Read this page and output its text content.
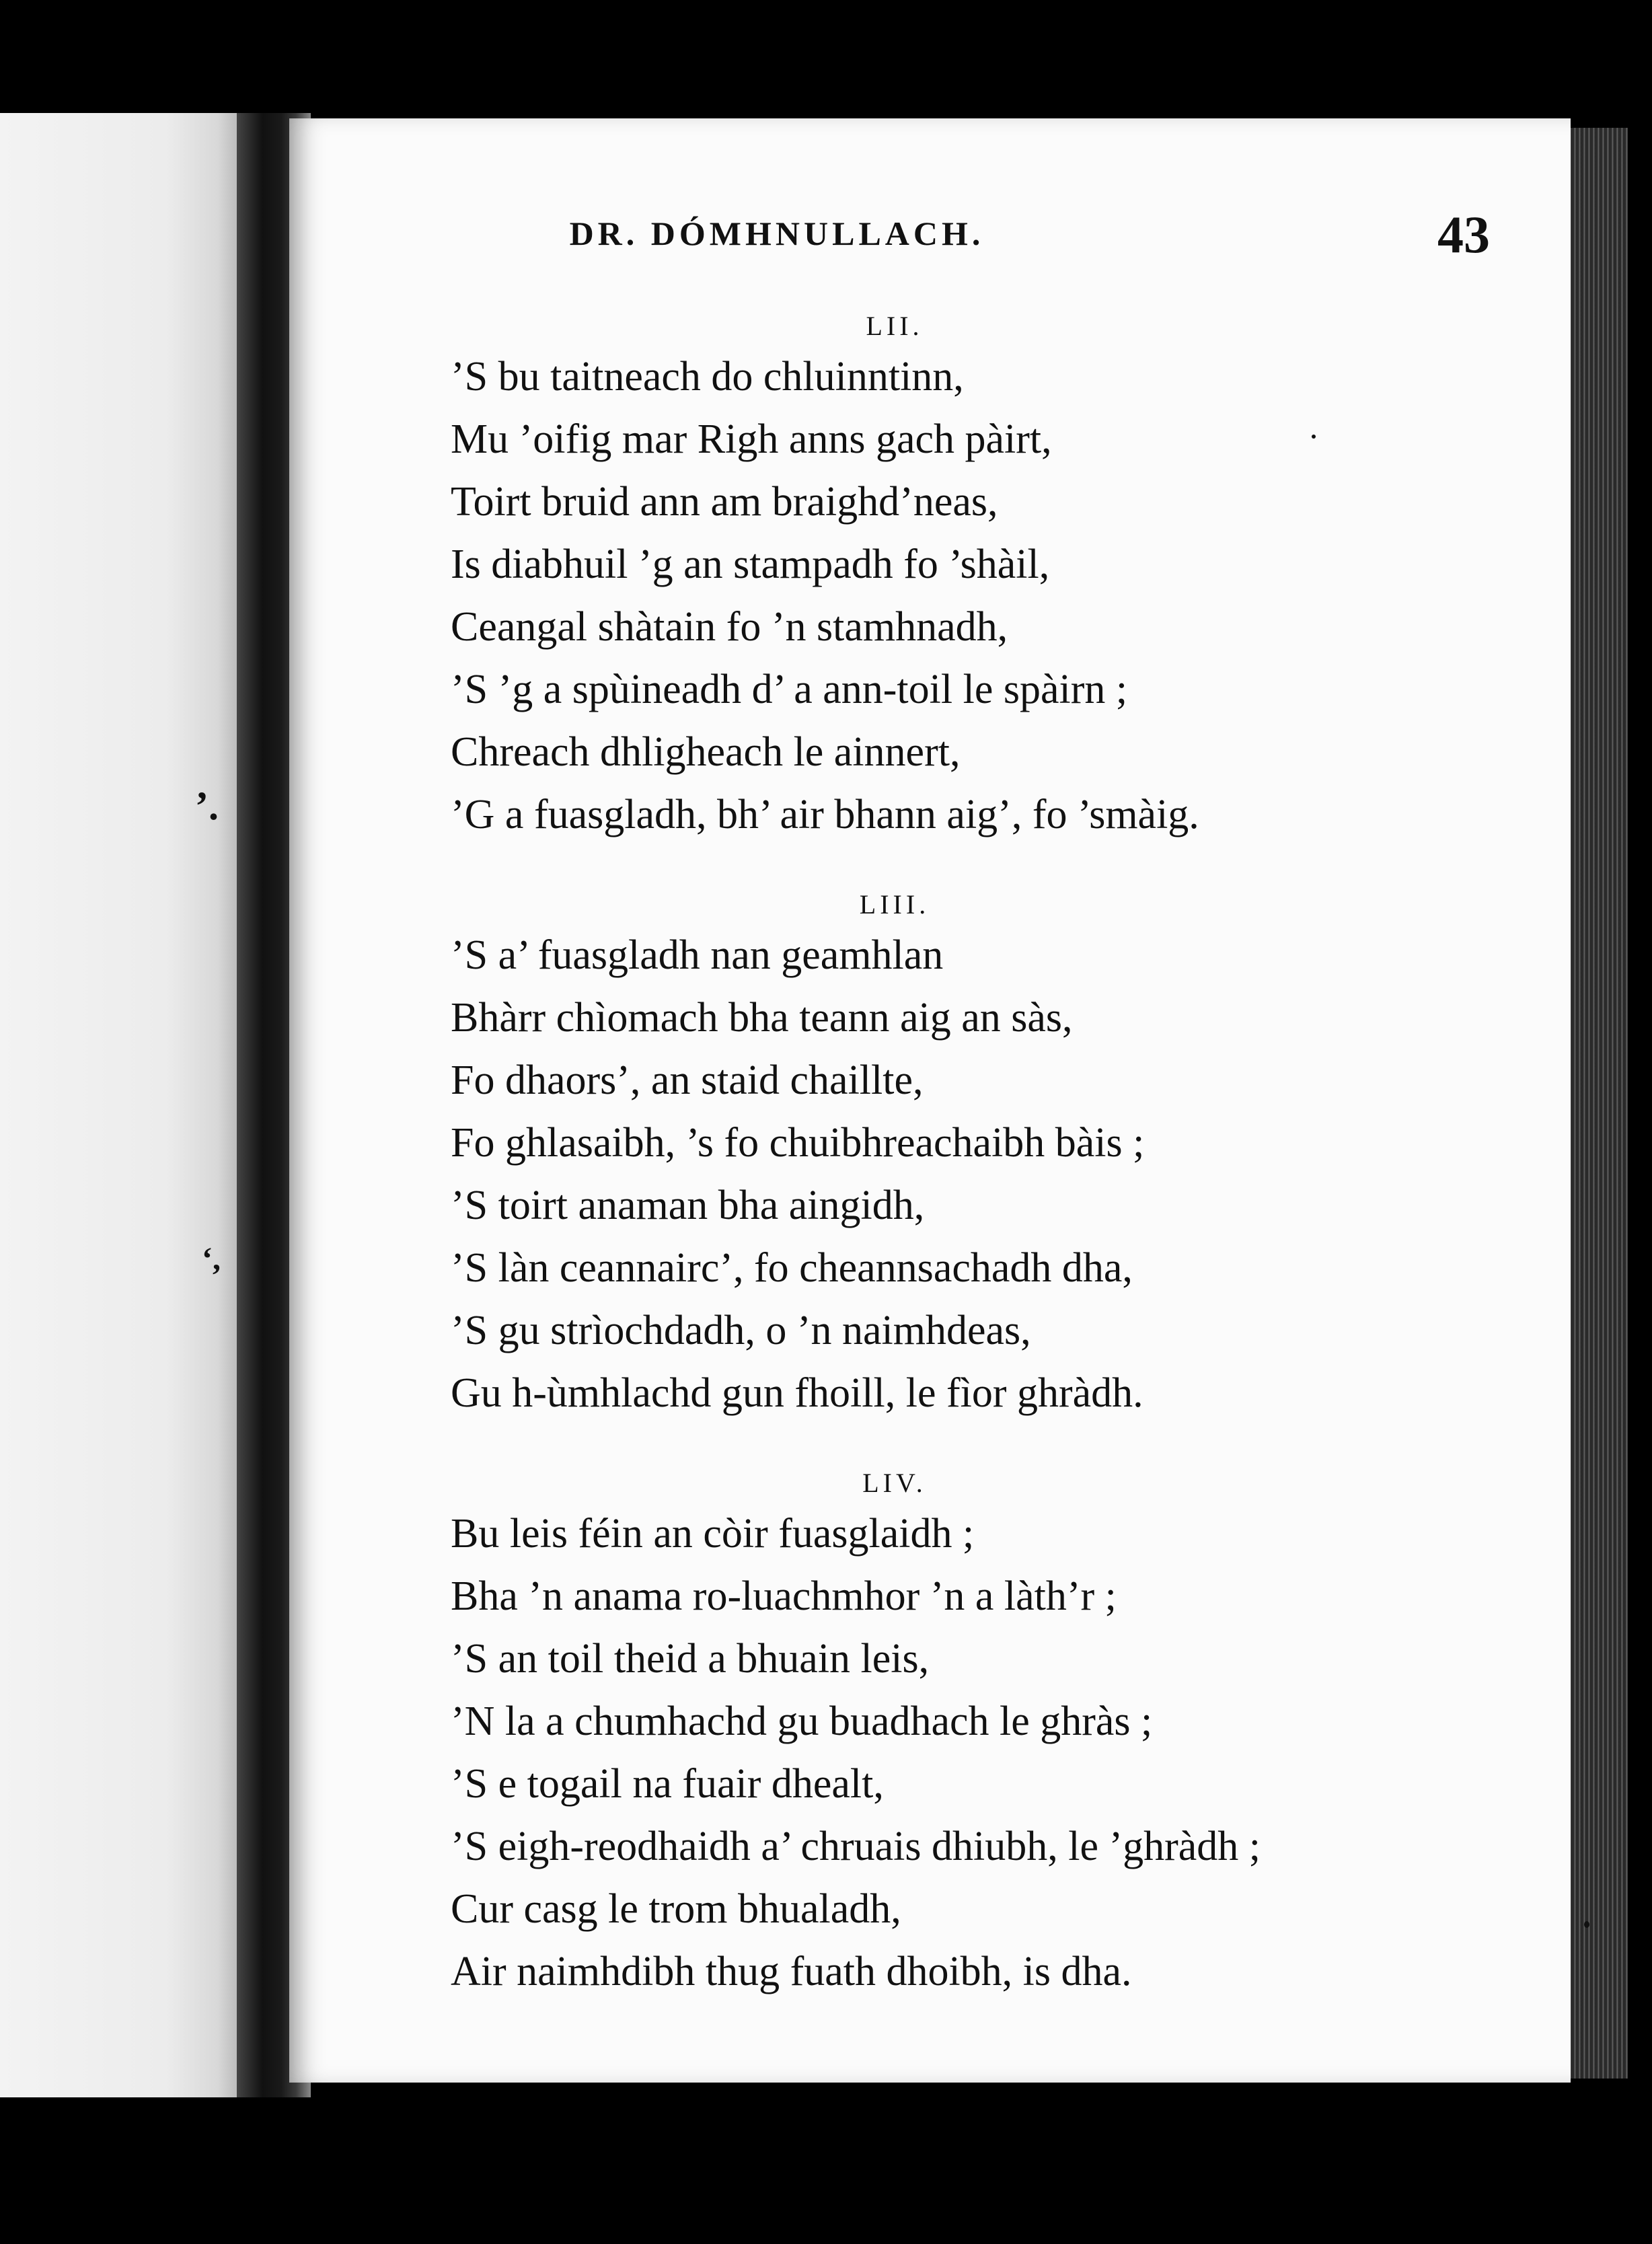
’.
‘,
DR. DÓMHNULLACH.	43
LII.
’S bu taitneach do chluinntinn,
Mu ’oifig mar Righ anns gach pàirt,
Toirt bruid ann am braighd’neas,
Is diabhuil ’g an stampadh fo ’shàil,
Ceangal shàtain fo ’n stamhnadh,
’S ’g a spùineadh d’ a ann-toil le spàirn ;
Chreach dhligheach le ainnert,
’G a fuasgladh, bh’ air bhann aig’, fo ’smàig.
LIII.
’S a’ fuasgladh nan geamhlan
Bhàrr chìomach bha teann aig an sàs,
Fo dhaors’, an staid chaillte,
Fo ghlasaibh, ’s fo chuibhreachaibh bàis ;
’S toirt anaman bha aingidh,
’S làn ceannairc’, fo cheannsachadh dha,
’S gu strìochdadh, o ’n naimhdeas,
Gu h-ùmhlachd gun fhoill, le fìor ghràdh.
LIV.
Bu leis féin an còir fuasglaidh ;
Bha ’n anama ro-luachmhor ’n a làth’r ;
’S an toil theid a bhuain leis,
’N la a chumhachd gu buadhach le ghràs ;
’S e togail na fuair dhealt,
’S eigh-reodhaidh a’ chruais dhiubh, le ’ghràdh ;
Cur casg le trom bhualadh,
Air naimhdibh thug fuath dhoibh, is dha.
